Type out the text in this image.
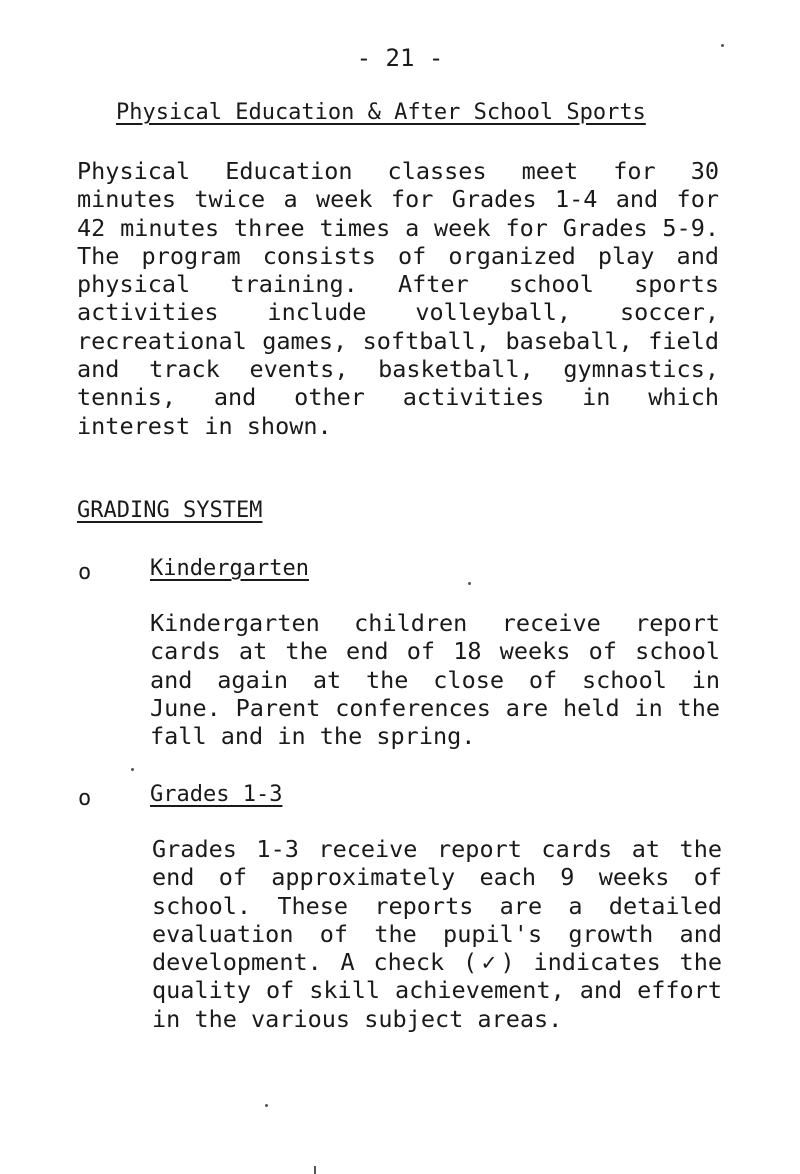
- 21 -
Physical Education & After School Sports

Physical Education classes meet for 30 minutes twice a week for Grades 1-4 and for 42 minutes three times a week for Grades 5-9. The program consists of organized play and physical training. After school sports activities include volleyball, soccer, recreational games, softball, baseball, field and track events, basketball, gymnastics, tennis, and other activities in which interest in shown.

GRADING SYSTEM
o	Kindergarten

Kindergarten children receive report cards at the end of 18 weeks of school and again at the close of school in June. Parent conferences are held in the fall and in the spring.

o	Grades 1-3

Grades 1-3 receive report cards at the end of approximately each 9 weeks of school. These reports are a detailed evaluation of the pupil's growth and development. A check (✓) indicates the quality of skill achievement, and effort in the various subject areas.
